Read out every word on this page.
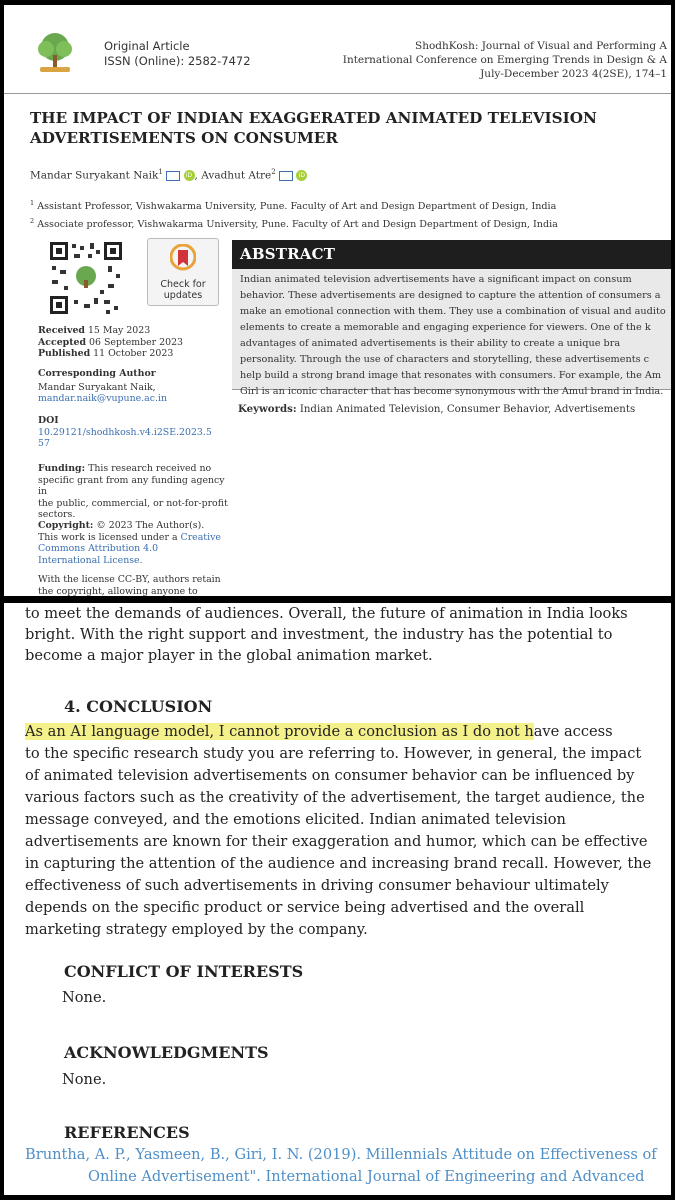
Original Article
ISSN (Online): 2582-7472
ShodhKosh: Journal of Visual and Performing A
International Conference on Emerging Trends in Design & A
July-December 2023 4(2SE), 174–1
THE IMPACT OF INDIAN EXAGGERATED ANIMATED TELEVISION
ADVERTISEMENTS ON CONSUMER
Mandar Suryakant Naik$^1$	iD , Avadhut Atre$^2$	iD
$^1$ Assistant Professor, Vishwakarma University, Pune. Faculty of Art and Design Department of Design, India
$^2$ Associate professor, Vishwakarma University, Pune. Faculty of Art and Design Department of Design, India
Check for
updates
Received 15 May 2023
Accepted 06 September 2023
Published 11 October 2023
Corresponding Author
Mandar Suryakant Naik,
mandar.naik@vupune.ac.in
DOI
10.29121/shodhkosh.v4.i2SE.2023.5
57
Funding: This research received no
specific grant from any funding agency in
the public, commercial, or not-for-profit
sectors.
Copyright: © 2023 The Author(s).
This work is licensed under a Creative
Commons Attribution 4.0
International License.
With the license CC-BY, authors retain
the copyright, allowing anyone to
ABSTRACT

Indian animated television advertisements have a significant impact on consum

behavior. These advertisements are designed to capture the attention of consumers a

make an emotional connection with them. They use a combination of visual and audito

elements to create a memorable and engaging experience for viewers. One of the k

advantages of animated advertisements is their ability to create a unique bra

personality. Through the use of characters and storytelling, these advertisements c

help build a strong brand image that resonates with consumers. For example, the Am

Girl is an iconic character that has become synonymous with the Amul brand in India.

Keywords: Indian Animated Television, Consumer Behavior, Advertisements
to meet the demands of audiences. Overall, the future of animation in India looks
bright. With the right support and investment, the industry has the potential to
become a major player in the global animation market.
4. CONCLUSION
As an AI language model, I cannot provide a conclusion as I do not have access
to the specific research study you are referring to. However, in general, the impact
of animated television advertisements on consumer behavior can be influenced by
various factors such as the creativity of the advertisement, the target audience, the
message conveyed, and the emotions elicited. Indian animated television
advertisements are known for their exaggeration and humor, which can be effective
in capturing the attention of the audience and increasing brand recall. However, the
effectiveness of such advertisements in driving consumer behaviour ultimately
depends on the specific product or service being advertised and the overall
marketing strategy employed by the company.
CONFLICT OF INTERESTS
None.
ACKNOWLEDGMENTS
None.
REFERENCES
Bruntha, A. P., Yasmeen, B., Giri, I. N. (2019). Millennials Attitude on Effectiveness of
Online Advertisement". International Journal of Engineering and Advanced
